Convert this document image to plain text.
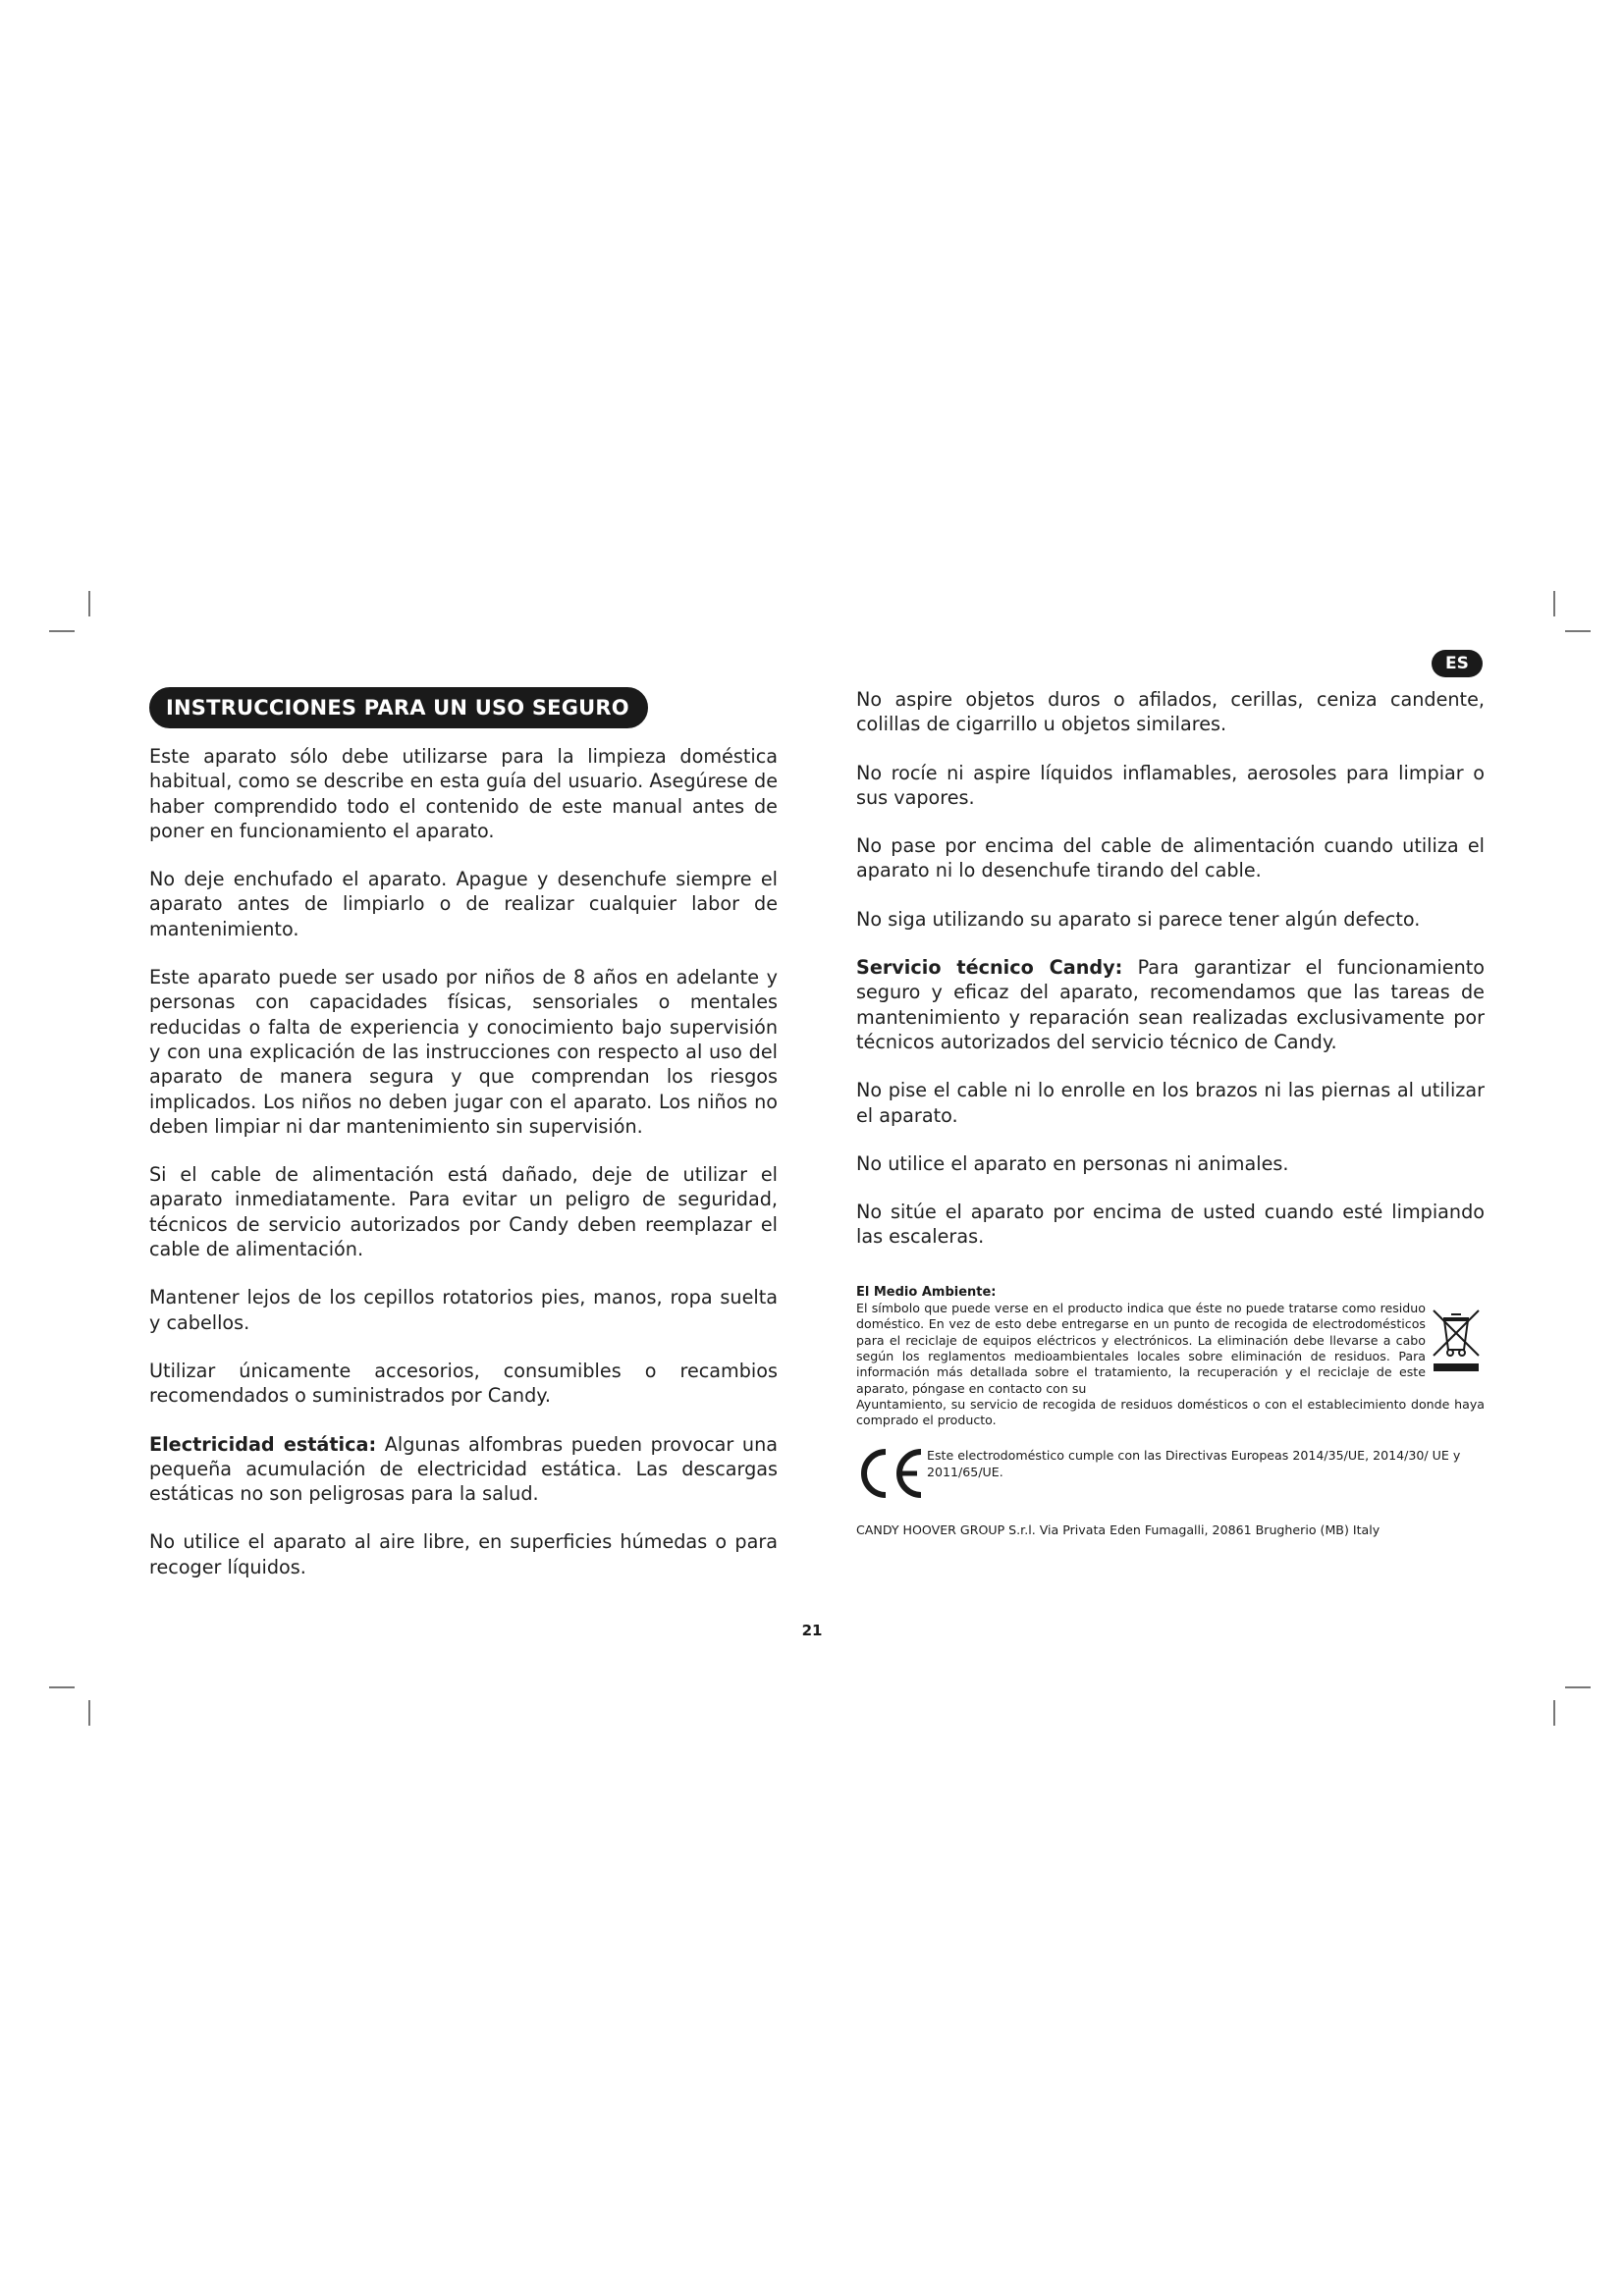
ES
INSTRUCCIONES PARA UN USO SEGURO

Este aparato sólo debe utilizarse para la limpieza doméstica habitual, como se describe en esta guía del usuario. Asegúrese de haber comprendido todo el contenido de este manual antes de poner en funcionamiento el aparato.

No deje enchufado el aparato. Apague y desenchufe siempre el aparato antes de limpiarlo o de realizar cualquier labor de mantenimiento.

Este aparato puede ser usado por niños de 8 años en adelante y personas con capacidades físicas, sensoriales o mentales reducidas o falta de experiencia y conocimiento bajo supervisión y con una explicación de las instrucciones con respecto al uso del aparato de manera segura y que comprendan los riesgos implicados. Los niños no deben jugar con el aparato. Los niños no deben limpiar ni dar mantenimiento sin supervisión.

Si el cable de alimentación está dañado, deje de utilizar el aparato inmediatamente. Para evitar un peligro de seguridad, técnicos de servicio autorizados por Candy deben reemplazar el cable de alimentación.

Mantener lejos de los cepillos rotatorios pies, manos, ropa suelta y cabellos.

Utilizar únicamente accesorios, consumibles o recambios recomendados o suministrados por Candy.

Electricidad estática: Algunas alfombras pueden provocar una pequeña acumulación de electricidad estática. Las descargas estáticas no son peligrosas para la salud.

No utilice el aparato al aire libre, en superficies húmedas o para recoger líquidos.

No aspire objetos duros o afilados, cerillas, ceniza candente, colillas de cigarrillo u objetos similares.

No rocíe ni aspire líquidos inflamables, aerosoles para limpiar o sus vapores.

No pase por encima del cable de alimentación cuando utiliza el aparato ni lo desenchufe tirando del cable.

No siga utilizando su aparato si parece tener algún defecto.

Servicio técnico Candy: Para garantizar el funcionamiento seguro y eficaz del aparato, recomendamos que las tareas de mantenimiento y reparación sean realizadas exclusivamente por técnicos autorizados del servicio técnico de Candy.

No pise el cable ni lo enrolle en los brazos ni las piernas al utilizar el aparato.

No utilice el aparato en personas ni animales.

No sitúe el aparato por encima de usted cuando esté limpiando las escaleras.

El Medio Ambiente:
El símbolo que puede verse en el producto indica que éste no puede tratarse como residuo doméstico. En vez de esto debe entregarse en un punto de recogida de electrodomésticos para el reciclaje de equipos eléctricos y electrónicos. La eliminación debe llevarse a cabo según los reglamentos medioambientales locales sobre eliminación de residuos. Para información más detallada sobre el tratamiento, la recuperación y el reciclaje de este aparato, póngase en contacto con su
Ayuntamiento, su servicio de recogida de residuos domésticos o con el establecimiento donde haya comprado el producto.
Este electrodoméstico cumple con las Directivas Europeas 2014/35/UE, 2014/30/ UE y 2011/65/UE.
CANDY HOOVER GROUP S.r.l. Via Privata Eden Fumagalli, 20861 Brugherio (MB) Italy
21
